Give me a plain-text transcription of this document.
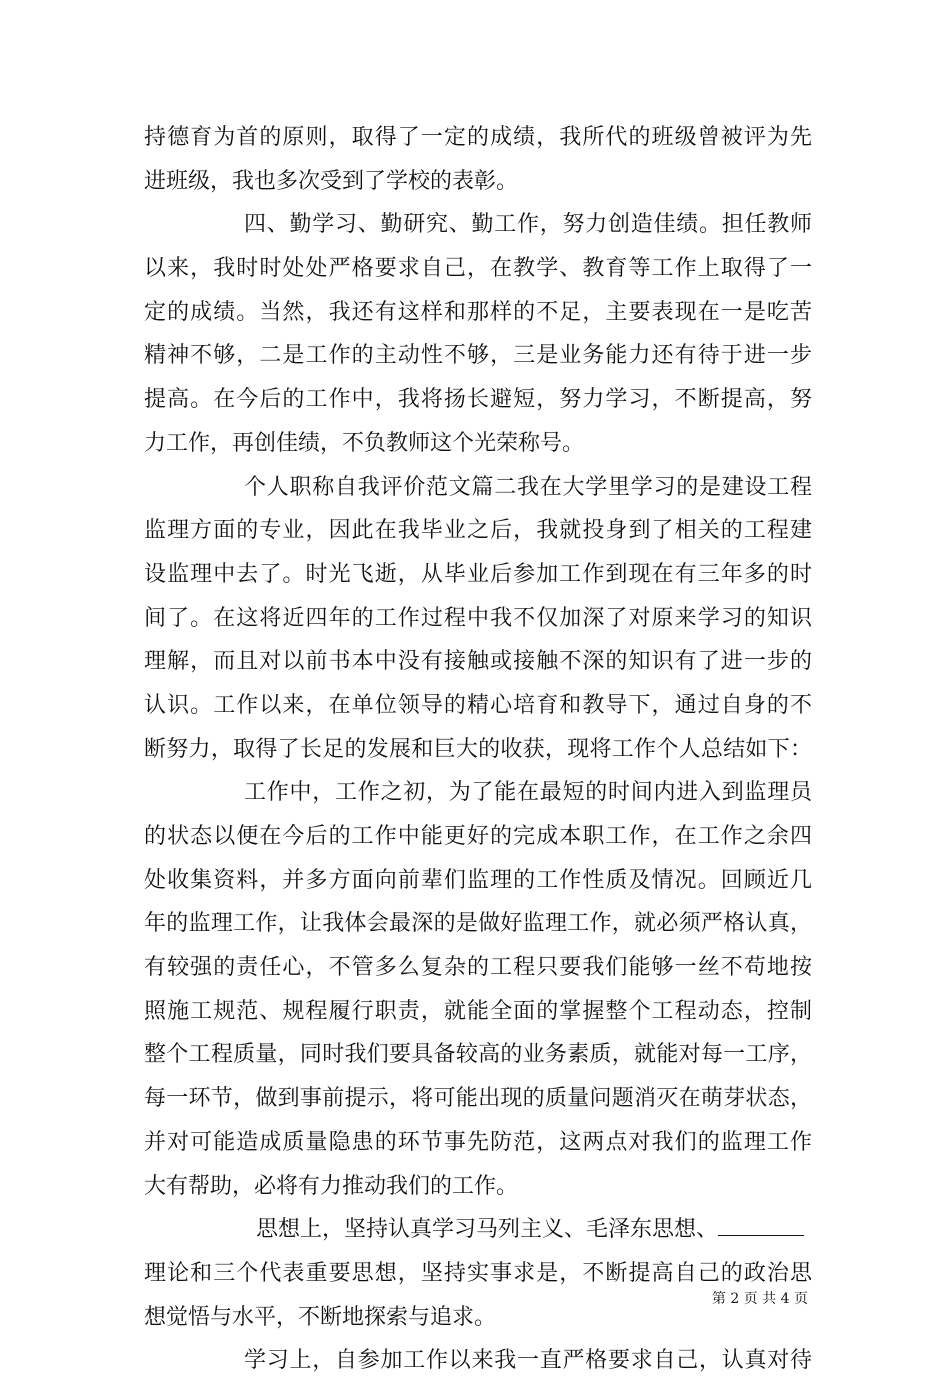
持德育为首的原则，取得了一定的成绩，我所代的班级曾被评为先
进班级，我也多次受到了学校的表彰。
四、勤学习、勤研究、勤工作，努力创造佳绩。担任教师
以来，我时时处处严格要求自己，在教学、教育等工作上取得了一
定的成绩。当然，我还有这样和那样的不足，主要表现在一是吃苦
精神不够，二是工作的主动性不够，三是业务能力还有待于进一步
提高。在今后的工作中，我将扬长避短，努力学习，不断提高，努
力工作，再创佳绩，不负教师这个光荣称号。
个人职称自我评价范文篇二我在大学里学习的是建设工程
监理方面的专业，因此在我毕业之后，我就投身到了相关的工程建
设监理中去了。时光飞逝，从毕业后参加工作到现在有三年多的时
间了。在这将近四年的工作过程中我不仅加深了对原来学习的知识
理解，而且对以前书本中没有接触或接触不深的知识有了进一步的
认识。工作以来，在单位领导的精心培育和教导下，通过自身的不
断努力，取得了长足的发展和巨大的收获，现将工作个人总结如下：
工作中，工作之初，为了能在最短的时间内进入到监理员
的状态以便在今后的工作中能更好的完成本职工作，在工作之余四
处收集资料，并多方面向前辈们监理的工作性质及情况。回顾近几
年的监理工作，让我体会最深的是做好监理工作，就必须严格认真，
有较强的责任心，不管多么复杂的工程只要我们能够一丝不苟地按
照施工规范、规程履行职责，就能全面的掌握整个工程动态，控制
整个工程质量，同时我们要具备较高的业务素质，就能对每一工序，
每一环节，做到事前提示，将可能出现的质量问题消灭在萌芽状态，
并对可能造成质量隐患的环节事先防范，这两点对我们的监理工作
大有帮助，必将有力推动我们的工作。
思想上，坚持认真学习马列主义、毛泽东思想、
理论和三个代表重要思想，坚持实事求是，不断提高自己的政治思
想觉悟与水平，不断地探索与追求。
学习上，自参加工作以来我一直严格要求自己，认真对待
第 2 页 共 4 页
